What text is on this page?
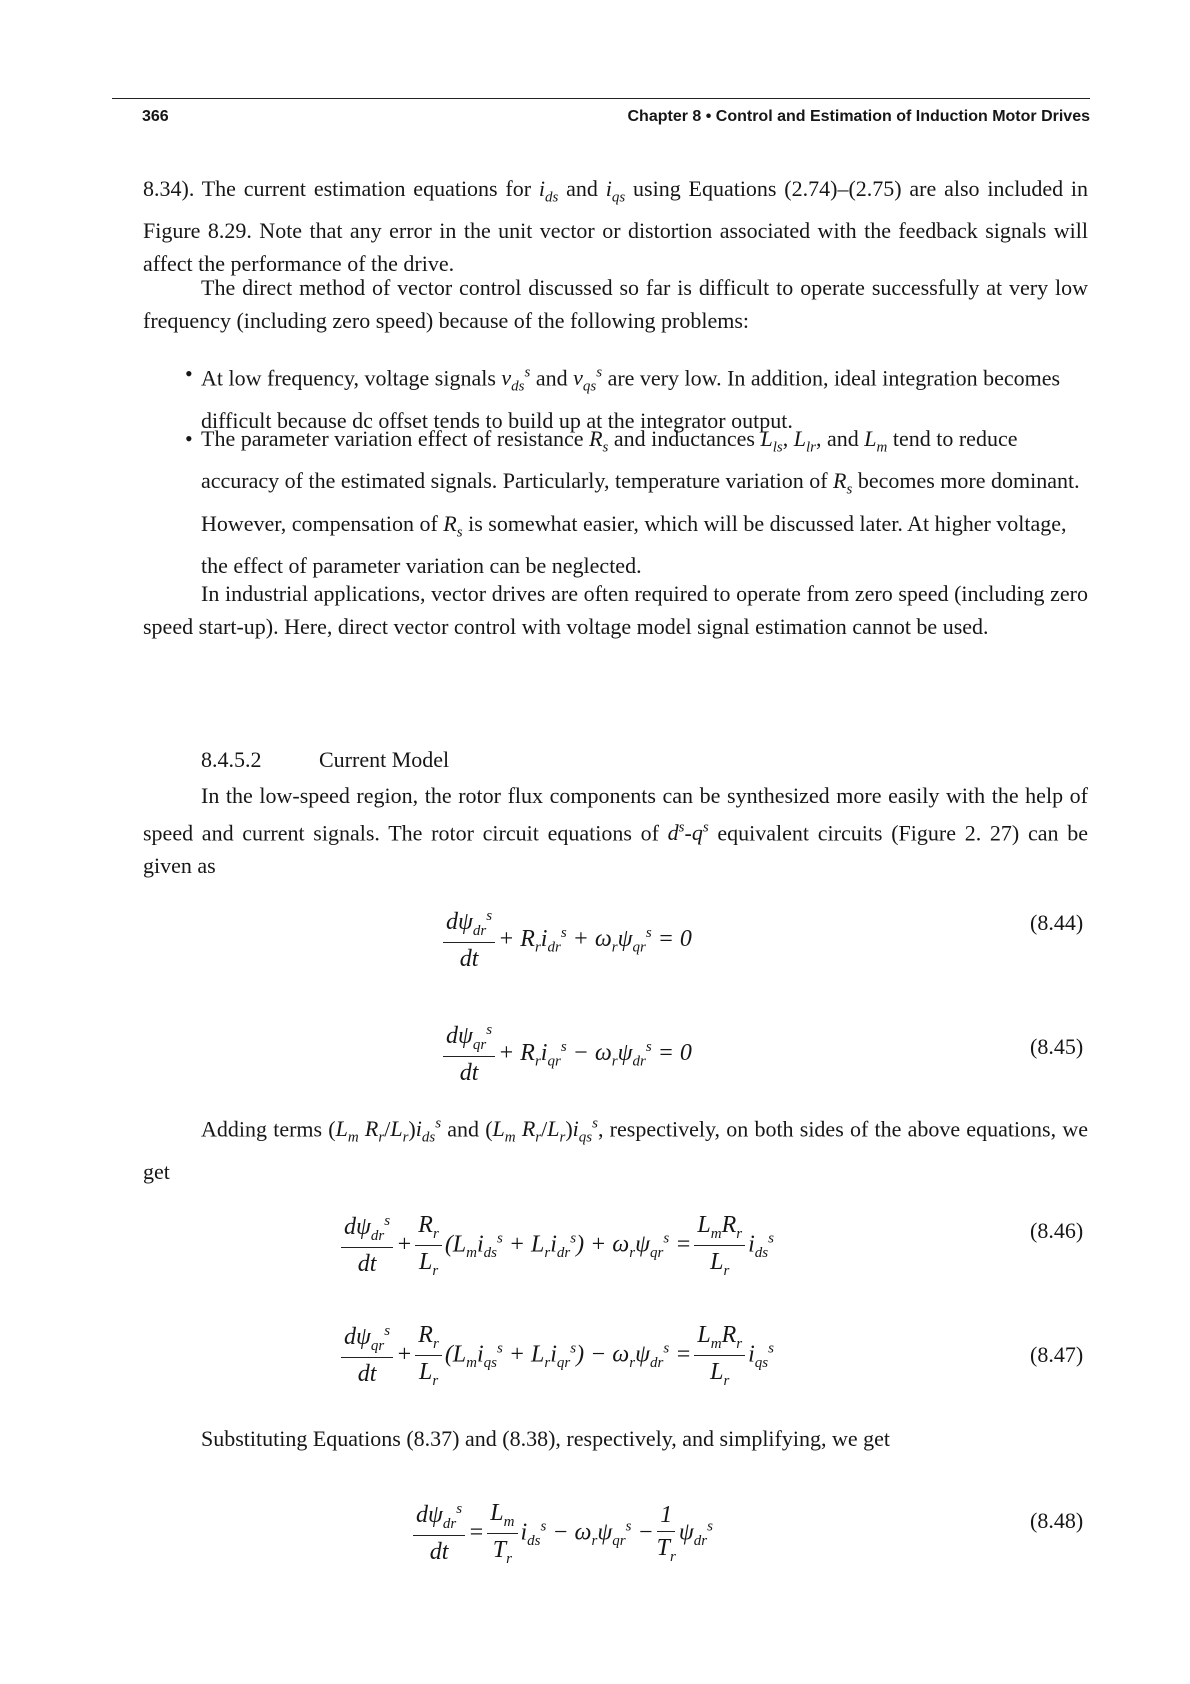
366	Chapter 8 • Control and Estimation of Induction Motor Drives
8.34). The current estimation equations for $i_{ds}$ and $i_{qs}$ using Equations (2.74)–(2.75) are also included in Figure 8.29. Note that any error in the unit vector or distortion associated with the feedback signals will affect the performance of the drive.
The direct method of vector control discussed so far is difficult to operate successfully at very low frequency (including zero speed) because of the following problems:
• At low frequency, voltage signals $v_{ds}^s$ and $v_{qs}^s$ are very low. In addition, ideal integration becomes difficult because dc offset tends to build up at the integrator output.
• The parameter variation effect of resistance $R_s$ and inductances $L_{ls}$, $L_{lr}$, and $L_m$ tend to reduce accuracy of the estimated signals. Particularly, temperature variation of $R_s$ becomes more dominant. However, compensation of $R_s$ is somewhat easier, which will be discussed later. At higher voltage, the effect of parameter variation can be neglected.
In industrial applications, vector drives are often required to operate from zero speed (including zero speed start-up). Here, direct vector control with voltage model signal estimation cannot be used.
8.4.5.2	Current Model
In the low-speed region, the rotor flux components can be synthesized more easily with the help of speed and current signals. The rotor circuit equations of $d^s-q^s$ equivalent circuits (Figure 2. 27) can be given as
$\frac{d\psi_{dr}^s}{dt} + R_ri_{dr}^s + \omega_r\psi_{qr}^s = 0$
(8.44)
$\frac{d\psi_{qr}^s}{dt} + R_ri_{qr}^s - \omega_r\psi_{dr}^s = 0$	(8.45)
Adding terms ($L_m$ $R_r/L_r)i_{ds}^s$ and ($L_m$ $R_r/L_r)i_{qs}^s$, respectively, on both sides of the above equations, we get
$\frac{d\psi_{dr}^s}{dt} + \frac{R_r}{L_r} (L_mi_{ds}^s + L_ri_{dr}^s) + \omega_r\psi_{qr}^s = \frac{L_mR_r}{L_r} i_{ds}^s$	(8.46)
$\frac{d\psi_{qr}^s}{dt} + \frac{R_r}{L_r} (L_mi_{qs}^s + L_ri_{qr}^s) - \omega_r\psi_{dr}^s = \frac{L_mR_r}{L_r} i_{qs}^s$	(8.47)
Substituting Equations (8.37) and (8.38), respectively, and simplifying, we get
$\frac{d\psi_{dr}^s}{dt} = \frac{L_m}{T_r} i_{ds}^s - \omega_r\psi_{qr}^s - \frac{1}{T_r} \psi_{dr}^s$	(8.48)
